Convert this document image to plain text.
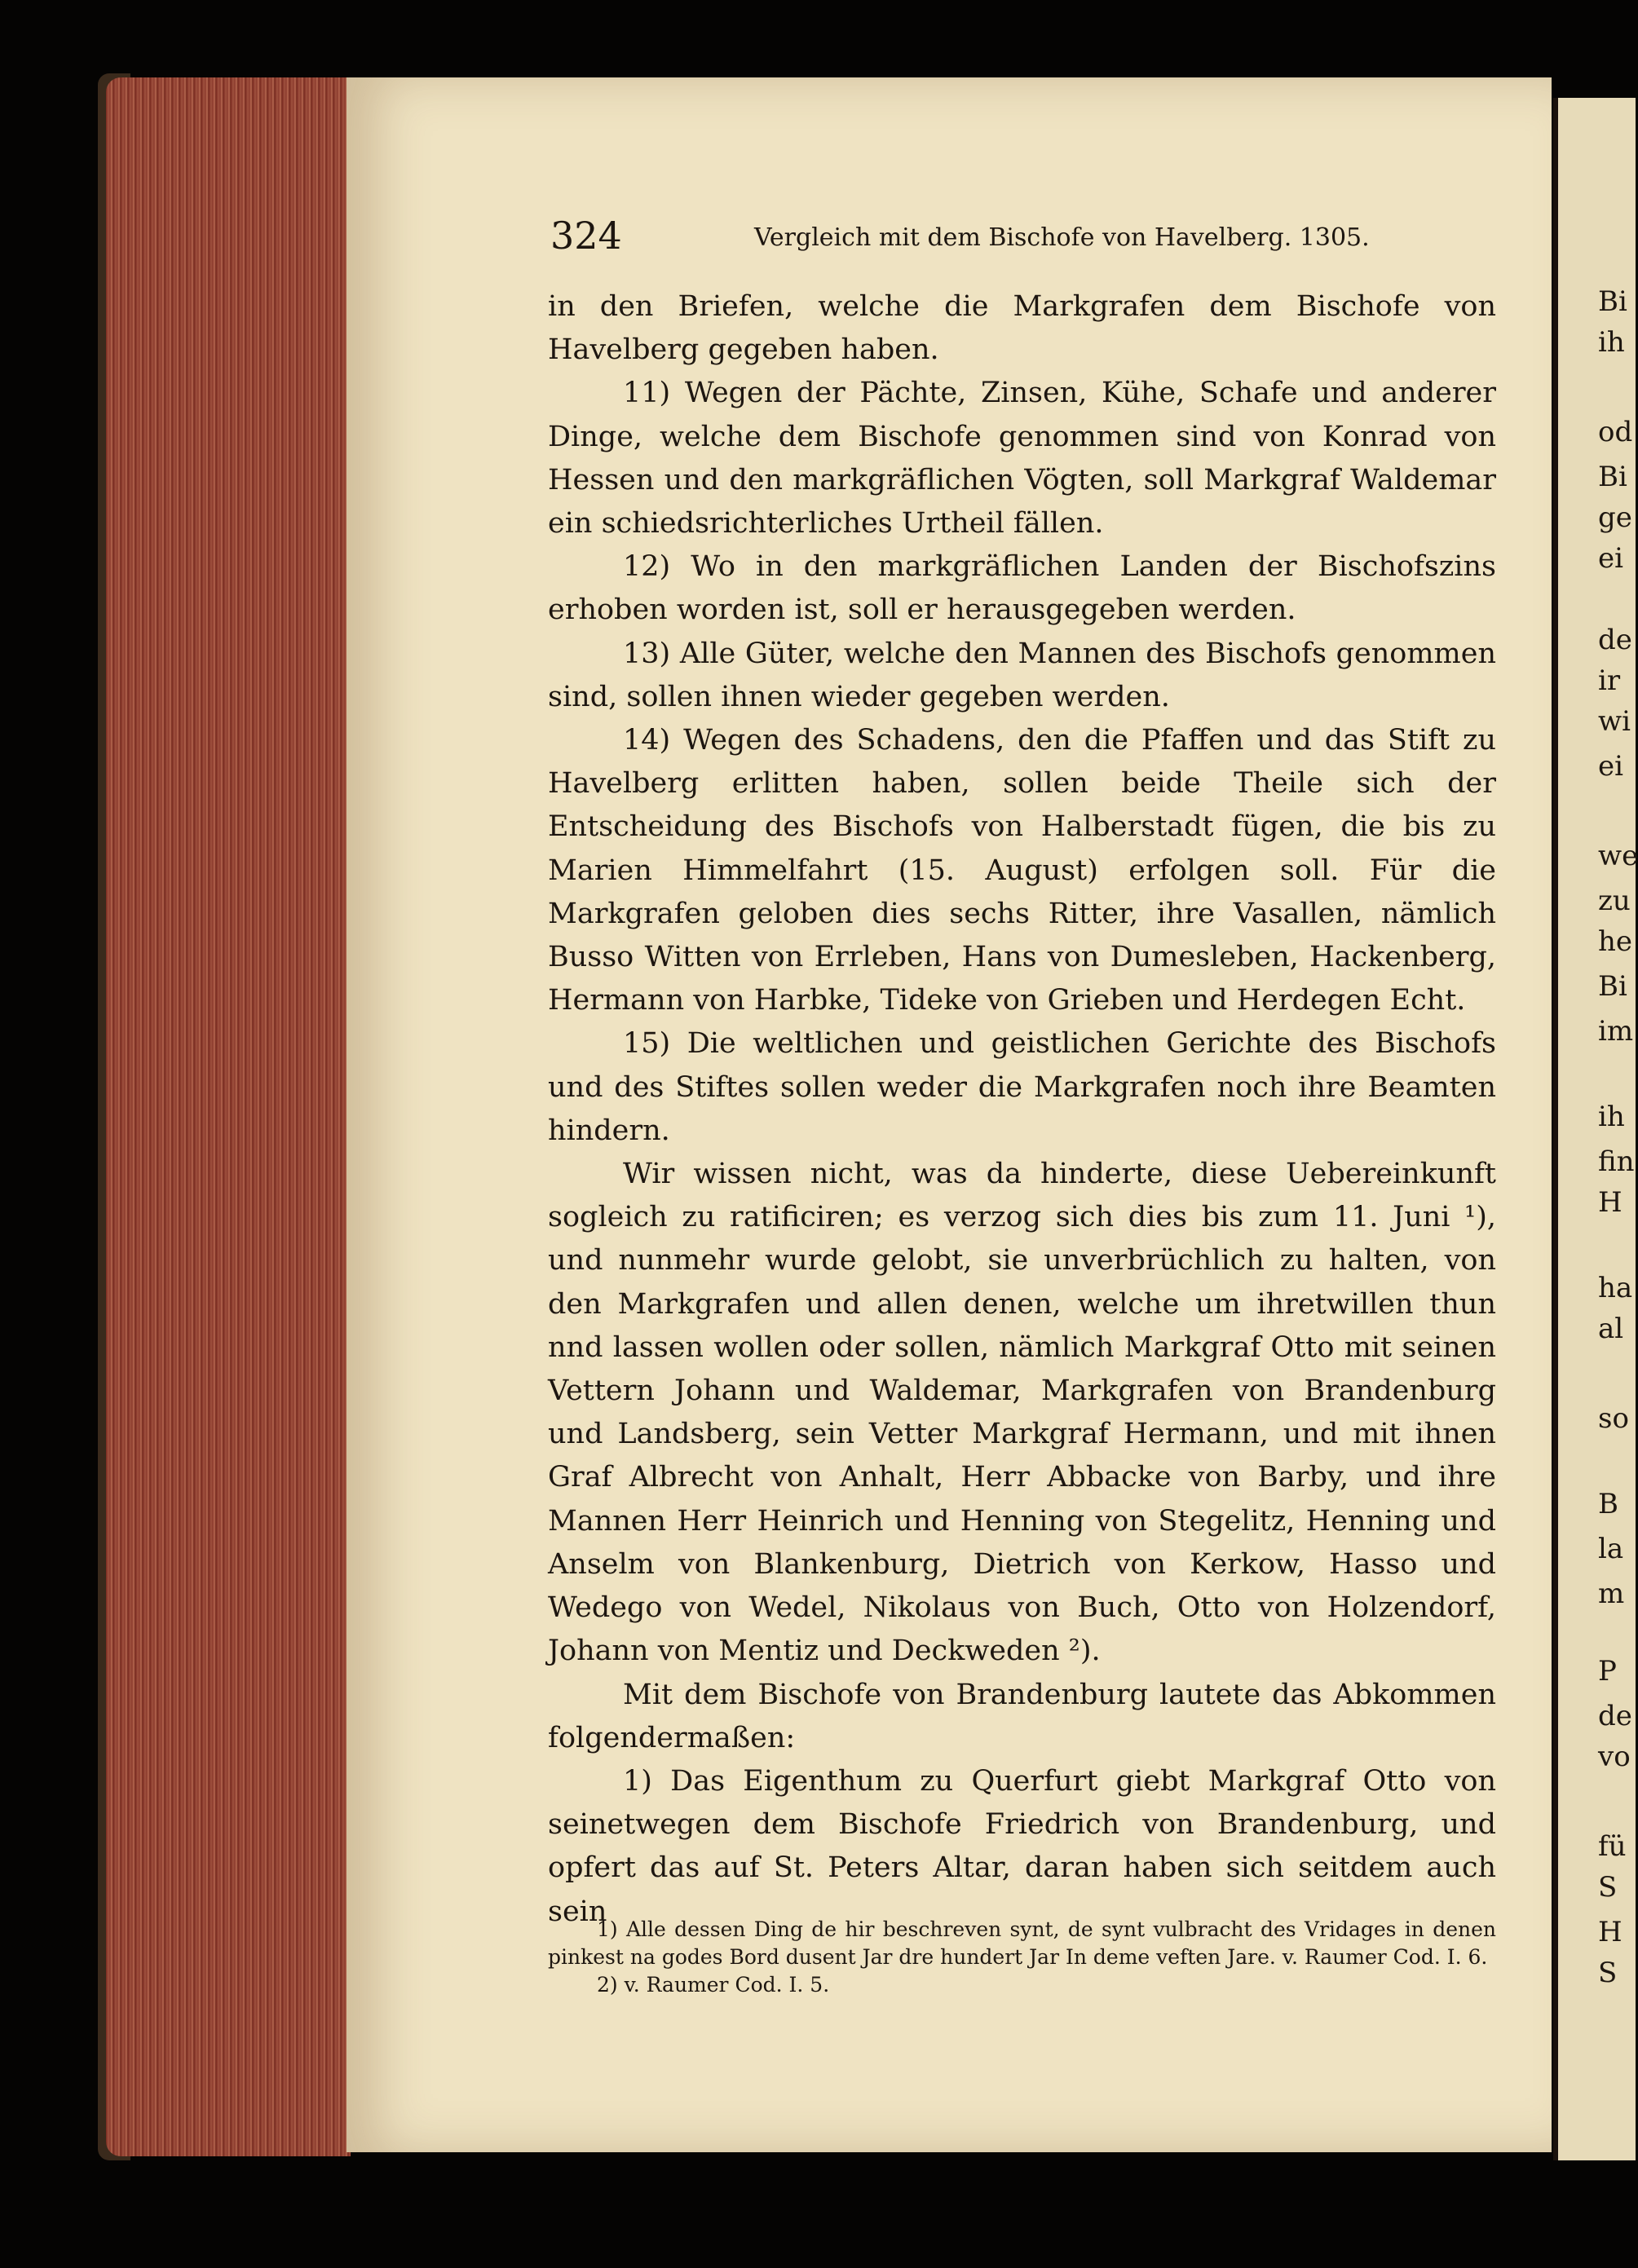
324	Vergleich mit dem Bischofe von Havelberg. 1305.

in den Briefen, welche die Markgrafen dem Bischofe von Havelberg gegeben haben.

11) Wegen der Pächte, Zinsen, Kühe, Schafe und anderer Dinge, welche dem Bischofe genommen sind von Konrad von Hessen und den markgräflichen Vögten, soll Markgraf Waldemar ein schiedsrichterliches Urtheil fällen.

12) Wo in den markgräflichen Landen der Bischofszins erhoben worden ist, soll er herausgegeben werden.

13) Alle Güter, welche den Mannen des Bischofs genommen sind, sollen ihnen wieder gegeben werden.

14) Wegen des Schadens, den die Pfaffen und das Stift zu Havelberg erlitten haben, sollen beide Theile sich der Entscheidung des Bischofs von Halberstadt fügen, die bis zu Marien Himmelfahrt (15. August) erfolgen soll. Für die Markgrafen geloben dies sechs Ritter, ihre Vasallen, nämlich Busso Witten von Errleben, Hans von Dumesleben, Hackenberg, Hermann von Harbke, Tideke von Grieben und Herdegen Echt.

15) Die weltlichen und geistlichen Gerichte des Bischofs und des Stiftes sollen weder die Markgrafen noch ihre Beamten hindern.

Wir wissen nicht, was da hinderte, diese Uebereinkunft sogleich zu ratificiren; es verzog sich dies bis zum 11. Juni ¹), und nunmehr wurde gelobt, sie unverbrüchlich zu halten, von den Markgrafen und allen denen, welche um ihretwillen thun nnd lassen wollen oder sollen, nämlich Markgraf Otto mit seinen Vettern Johann und Waldemar, Markgrafen von Brandenburg und Landsberg, sein Vetter Markgraf Hermann, und mit ihnen Graf Albrecht von Anhalt, Herr Abbacke von Barby, und ihre Mannen Herr Heinrich und Henning von Stegelitz, Henning und Anselm von Blankenburg, Dietrich von Kerkow, Hasso und Wedego von Wedel, Nikolaus von Buch, Otto von Holzendorf, Johann von Mentiz und Deckweden ²).

Mit dem Bischofe von Brandenburg lautete das Abkommen folgendermaßen:

1) Das Eigenthum zu Querfurt giebt Markgraf Otto von seinetwegen dem Bischofe Friedrich von Brandenburg, und opfert das auf St. Peters Altar, daran haben sich seitdem auch sein

1) Alle dessen Ding de hir beschreven synt, de synt vulbracht des Vridages in denen pinkest na godes Bord dusent Jar dre hundert Jar In deme veften Jare. v. Raumer Cod. I. 6.

2) v. Raumer Cod. I. 5.

Bi
ih
od
Bi
ge
ei
de
ir
wi
ei
we
zu
he
Bi
im
ih
fin
H
ha
al
so
B
la
m
P
de
vo
fü
S
H
S
